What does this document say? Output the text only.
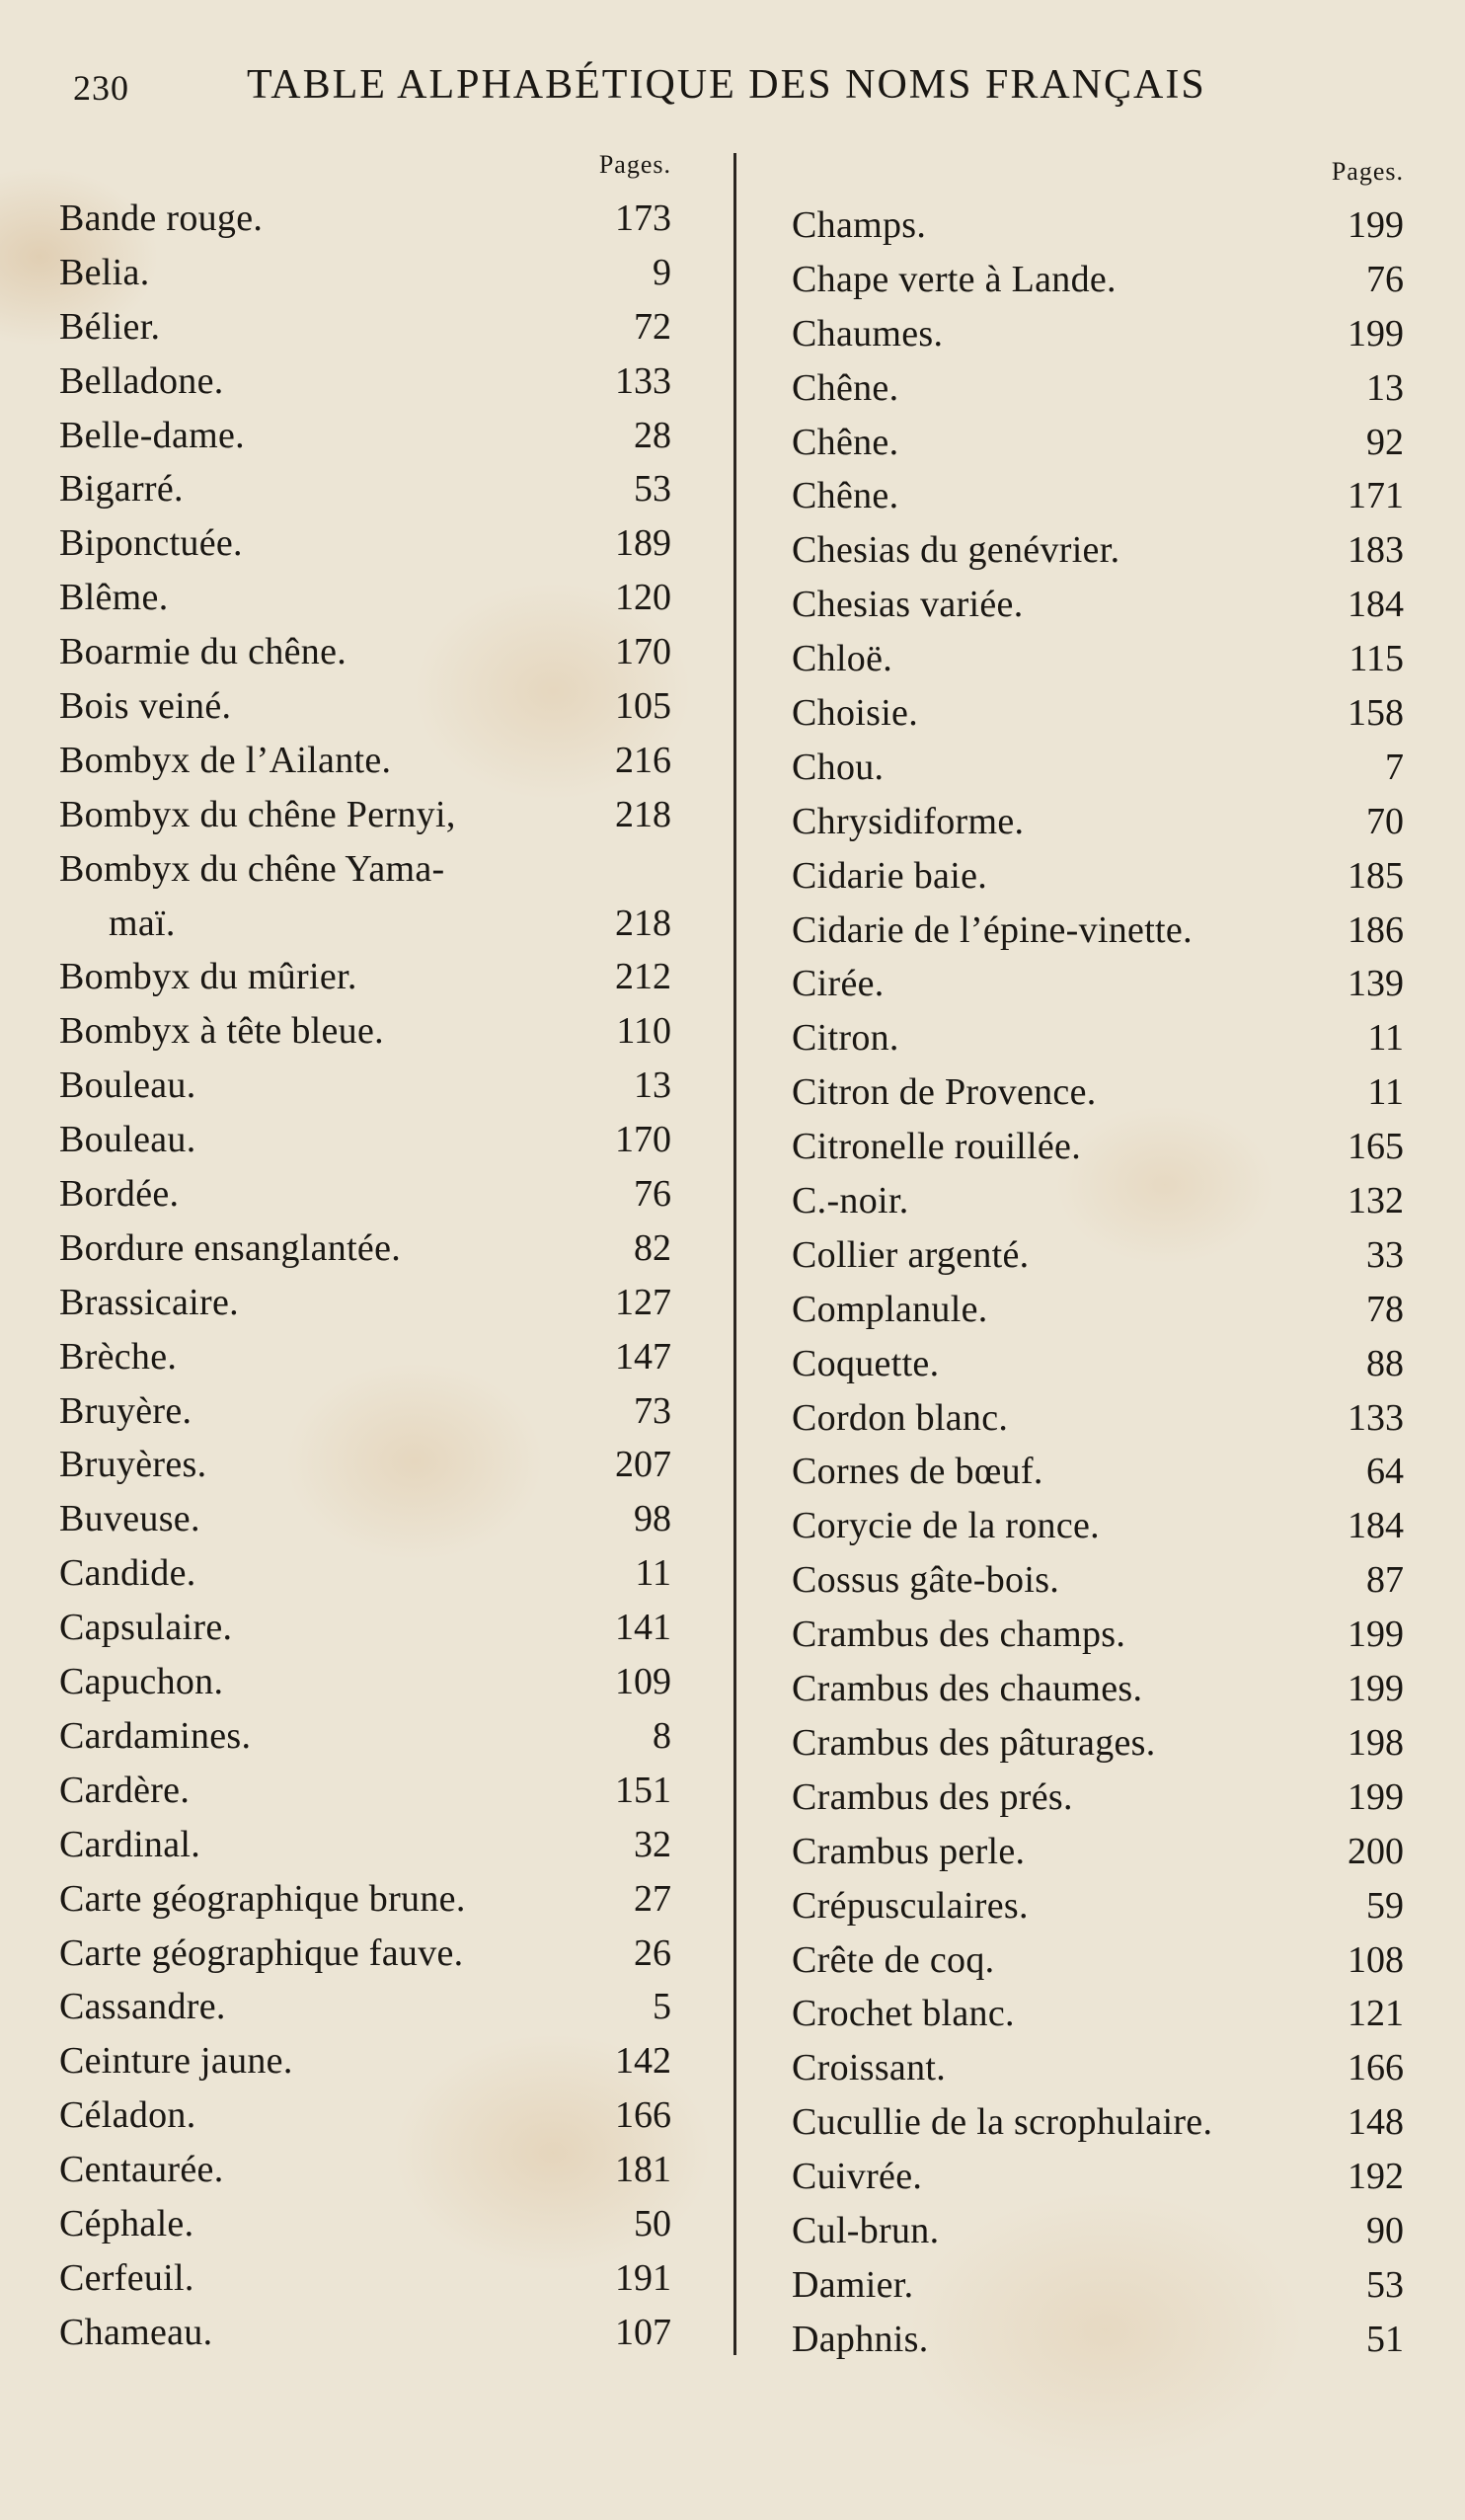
230	TABLE ALPHABÉTIQUE DES NOMS FRANÇAIS
Pages.
Bande rouge.	173
Belia.	9
Bélier.	72
Belladone.	133
Belle-dame.	28
Bigarré.	53
Biponctuée.	189
Blême.	120
Boarmie du chêne.	170
Bois veiné.	105
Bombyx de l’Ailante.	216
Bombyx du chêne Pernyi,	218
Bombyx du chêne Yama-
maï.	218
Bombyx du mûrier.	212
Bombyx à tête bleue.	110
Bouleau.	13
Bouleau.	170
Bordée.	76
Bordure ensanglantée.	82
Brassicaire.	127
Brèche.	147
Bruyère.	73
Bruyères.	207
Buveuse.	98
Candide.	11
Capsulaire.	141
Capuchon.	109
Cardamines.	8
Cardère.	151
Cardinal.	32
Carte géographique brune.	27
Carte géographique fauve.	26
Cassandre.	5
Ceinture jaune.	142
Céladon.	166
Centaurée.	181
Céphale.	50
Cerfeuil.	191
Chameau.	107
Pages.
Champs.	199
Chape verte à Lande.	76
Chaumes.	199
Chêne.	13
Chêne.	92
Chêne.	171
Chesias du genévrier.	183
Chesias variée.	184
Chloë.	115
Choisie.	158
Chou.	7
Chrysidiforme.	70
Cidarie baie.	185
Cidarie de l’épine-vinette.	186
Cirée.	139
Citron.	11
Citron de Provence.	11
Citronelle rouillée.	165
C.-noir.	132
Collier argenté.	33
Complanule.	78
Coquette.	88
Cordon blanc.	133
Cornes de bœuf.	64
Corycie de la ronce.	184
Cossus gâte-bois.	87
Crambus des champs.	199
Crambus des chaumes.	199
Crambus des pâturages.	198
Crambus des prés.	199
Crambus perle.	200
Crépusculaires.	59
Crête de coq.	108
Crochet blanc.	121
Croissant.	166
Cucullie de la scrophulaire.	148
Cuivrée.	192
Cul-brun.	90
Damier.	53
Daphnis.	51
